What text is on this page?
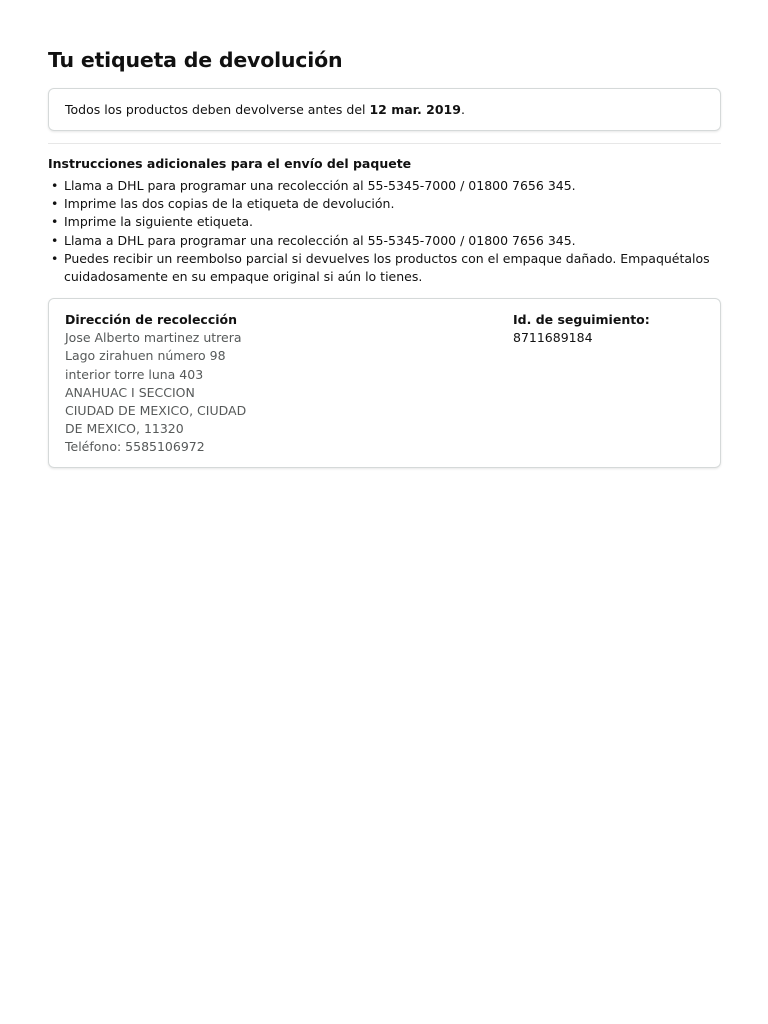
Tu etiqueta de devolución
Todos los productos deben devolverse antes del 12 mar. 2019.
Instrucciones adicionales para el envío del paquete
• Llama a DHL para programar una recolección al 55-5345-7000 / 01800 7656 345.
• Imprime las dos copias de la etiqueta de devolución.
• Imprime la siguiente etiqueta.
• Llama a DHL para programar una recolección al 55-5345-7000 / 01800 7656 345.
• Puedes recibir un reembolso parcial si devuelves los productos con el empaque dañado. Empaquétalos cuidadosamente en su empaque original si aún lo tienes.
Dirección de recolección
Jose Alberto martinez utrera
Lago zirahuen número 98
interior torre luna 403
ANAHUAC I SECCION
CIUDAD DE MEXICO, CIUDAD
DE MEXICO, 11320
Teléfono: 5585106972
Id. de seguimiento:
8711689184
